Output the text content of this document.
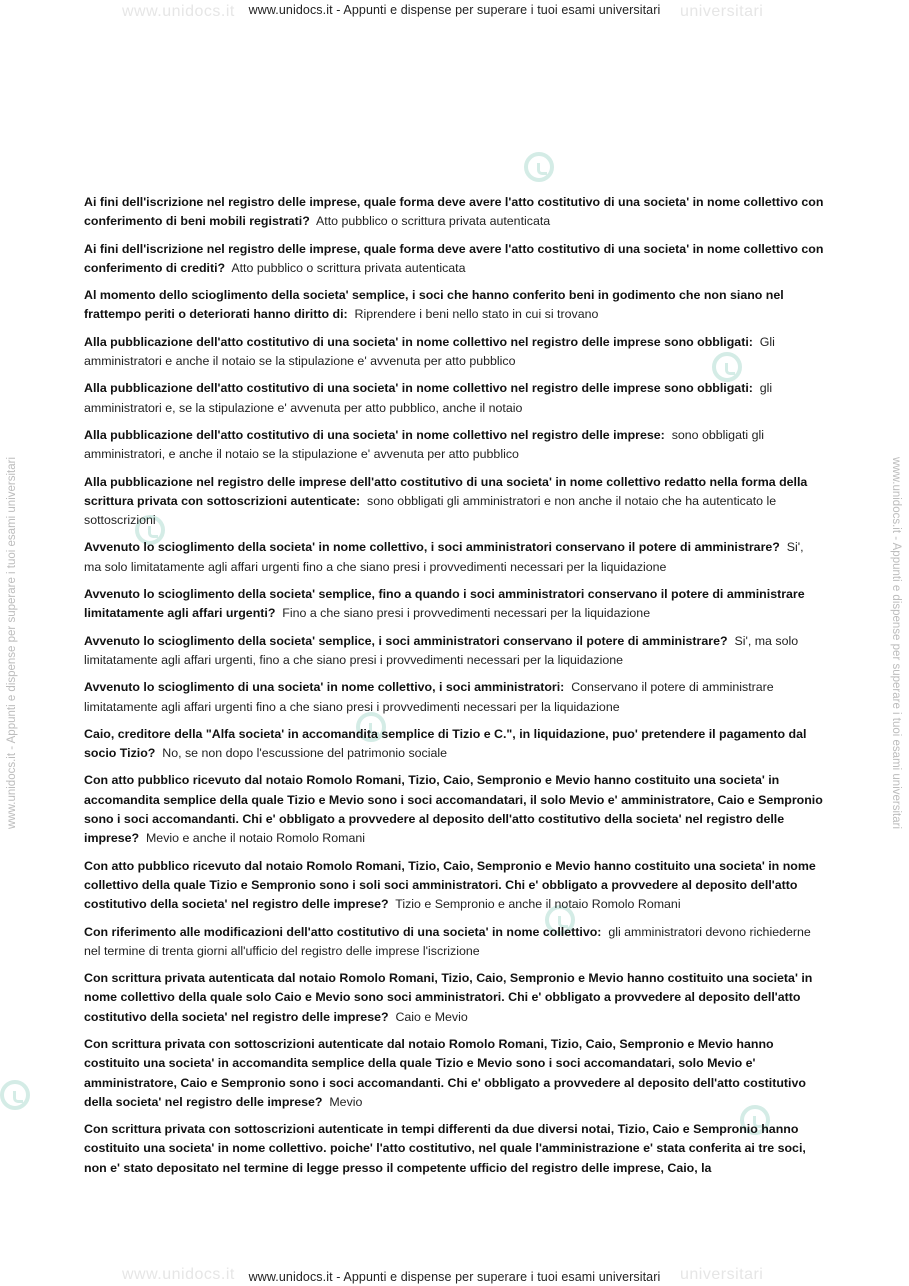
www.unidocs.it	www.unidocs.it - Appunti e dispense per superare i tuoi esami universitari	universitari
www.unidocs.it - Appunti e dispense per superare i tuoi esami universitari	www.unidocs.it - Appunti e dispense per superare i tuoi esami universitari

Ai fini dell'iscrizione nel registro delle imprese, quale forma deve avere l'atto costitutivo di una societa' in nome collettivo con conferimento di beni mobili registrati? Atto pubblico o scrittura privata autenticata

Ai fini dell'iscrizione nel registro delle imprese, quale forma deve avere l'atto costitutivo di una societa' in nome collettivo con conferimento di crediti? Atto pubblico o scrittura privata autenticata

Al momento dello scioglimento della societa' semplice, i soci che hanno conferito beni in godimento che non siano nel frattempo periti o deteriorati hanno diritto di: Riprendere i beni nello stato in cui si trovano

Alla pubblicazione dell'atto costitutivo di una societa' in nome collettivo nel registro delle imprese sono obbligati: Gli amministratori e anche il notaio se la stipulazione e' avvenuta per atto pubblico

Alla pubblicazione dell'atto costitutivo di una societa' in nome collettivo nel registro delle imprese sono obbligati: gli amministratori e, se la stipulazione e' avvenuta per atto pubblico, anche il notaio

Alla pubblicazione dell'atto costitutivo di una societa' in nome collettivo nel registro delle imprese: sono obbligati gli amministratori, e anche il notaio se la stipulazione e' avvenuta per atto pubblico

Alla pubblicazione nel registro delle imprese dell'atto costitutivo di una societa' in nome collettivo redatto nella forma della scrittura privata con sottoscrizioni autenticate: sono obbligati gli amministratori e non anche il notaio che ha autenticato le sottoscrizioni

Avvenuto lo scioglimento della societa' in nome collettivo, i soci amministratori conservano il potere di amministrare? Si', ma solo limitatamente agli affari urgenti fino a che siano presi i provvedimenti necessari per la liquidazione

Avvenuto lo scioglimento della societa' semplice, fino a quando i soci amministratori conservano il potere di amministrare limitatamente agli affari urgenti? Fino a che siano presi i provvedimenti necessari per la liquidazione

Avvenuto lo scioglimento della societa' semplice, i soci amministratori conservano il potere di amministrare? Si', ma solo limitatamente agli affari urgenti, fino a che siano presi i provvedimenti necessari per la liquidazione

Avvenuto lo scioglimento di una societa' in nome collettivo, i soci amministratori: Conservano il potere di amministrare limitatamente agli affari urgenti fino a che siano presi i provvedimenti necessari per la liquidazione

Caio, creditore della "Alfa societa' in accomandita semplice di Tizio e C.", in liquidazione, puo' pretendere il pagamento dal socio Tizio? No, se non dopo l'escussione del patrimonio sociale

Con atto pubblico ricevuto dal notaio Romolo Romani, Tizio, Caio, Sempronio e Mevio hanno costituito una societa' in accomandita semplice della quale Tizio e Mevio sono i soci accomandatari, il solo Mevio e' amministratore, Caio e Sempronio sono i soci accomandanti. Chi e' obbligato a provvedere al deposito dell'atto costitutivo della societa' nel registro delle imprese? Mevio e anche il notaio Romolo Romani

Con atto pubblico ricevuto dal notaio Romolo Romani, Tizio, Caio, Sempronio e Mevio hanno costituito una societa' in nome collettivo della quale Tizio e Sempronio sono i soli soci amministratori. Chi e' obbligato a provvedere al deposito dell'atto costitutivo della societa' nel registro delle imprese? Tizio e Sempronio e anche il notaio Romolo Romani

Con riferimento alle modificazioni dell'atto costitutivo di una societa' in nome collettivo: gli amministratori devono richiederne nel termine di trenta giorni all'ufficio del registro delle imprese l'iscrizione

Con scrittura privata autenticata dal notaio Romolo Romani, Tizio, Caio, Sempronio e Mevio hanno costituito una societa' in nome collettivo della quale solo Caio e Mevio sono soci amministratori. Chi e' obbligato a provvedere al deposito dell'atto costitutivo della societa' nel registro delle imprese? Caio e Mevio

Con scrittura privata con sottoscrizioni autenticate dal notaio Romolo Romani, Tizio, Caio, Sempronio e Mevio hanno costituito una societa' in accomandita semplice della quale Tizio e Mevio sono i soci accomandatari, solo Mevio e' amministratore, Caio e Sempronio sono i soci accomandanti. Chi e' obbligato a provvedere al deposito dell'atto costitutivo della societa' nel registro delle imprese? Mevio

Con scrittura privata con sottoscrizioni autenticate in tempi differenti da due diversi notai, Tizio, Caio e Sempronio hanno costituito una societa' in nome collettivo. poiche' l'atto costitutivo, nel quale l'amministrazione e' stata conferita ai tre soci, non e' stato depositato nel termine di legge presso il competente ufficio del registro delle imprese, Caio, la

www.unidocs.it	www.unidocs.it - Appunti e dispense per superare i tuoi esami universitari	universitari
